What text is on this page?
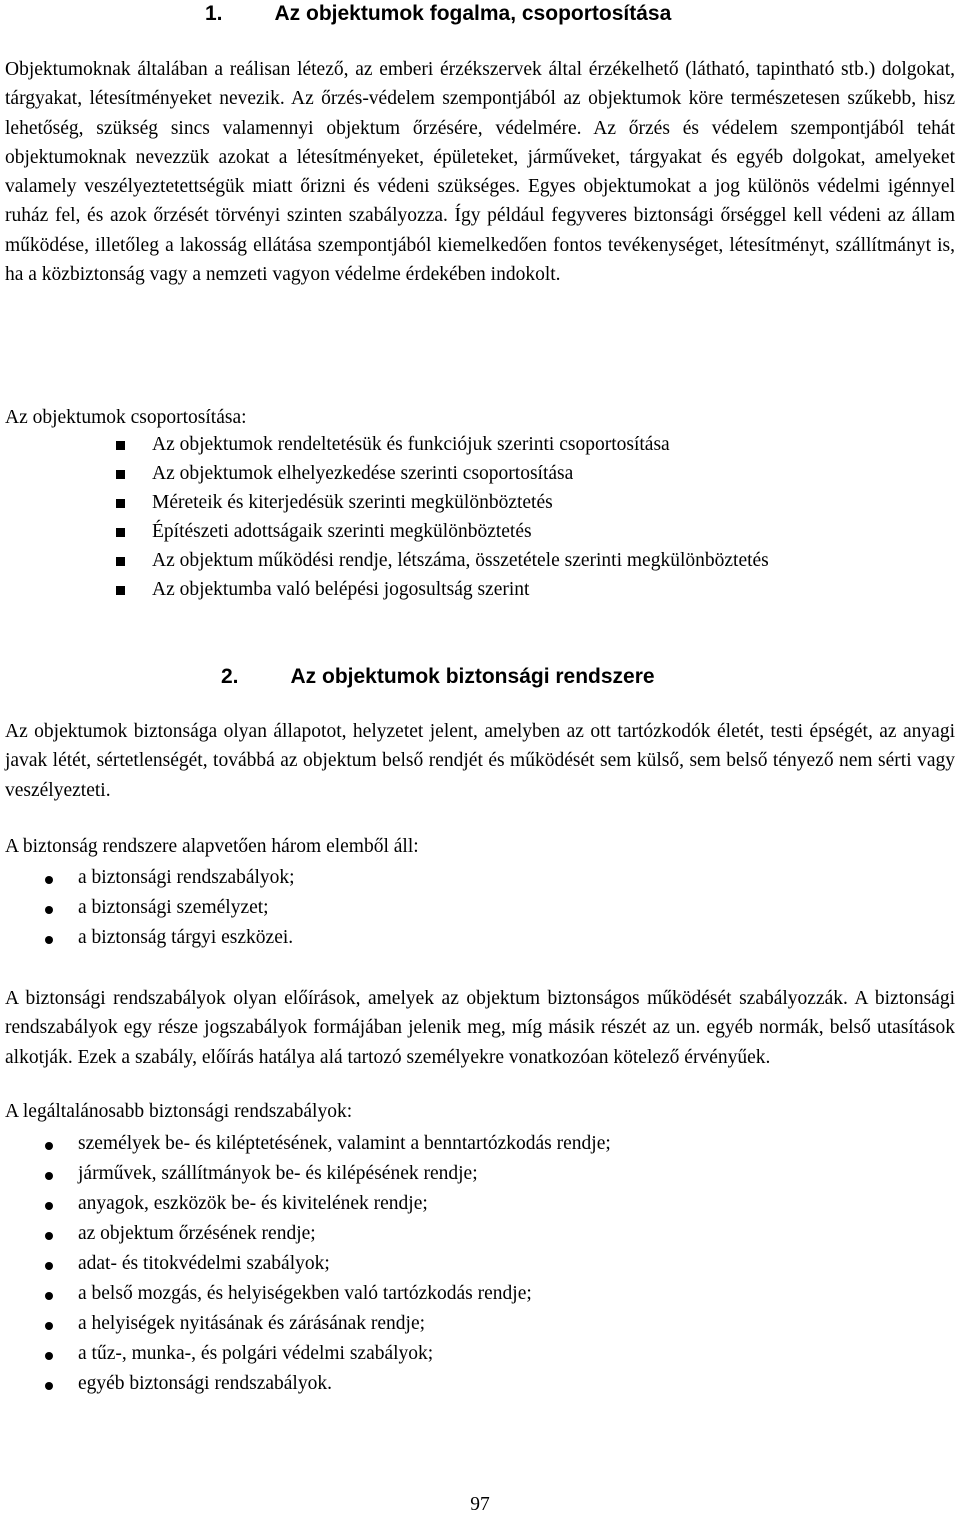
1. Az objektumok fogalma, csoportosítása

Objektumoknak általában a reálisan létező, az emberi érzékszervek által érzékelhető (látható, tapintható stb.) dolgokat, tárgyakat, létesítményeket nevezik. Az őrzés-védelem szempontjából az objektumok köre természetesen szűkebb, hisz lehetőség, szükség sincs valamennyi objektum őrzésére, védelmére. Az őrzés és védelem szempontjából tehát objektumoknak nevezzük azokat a létesítményeket, épületeket, járműveket, tárgyakat és egyéb dolgokat, amelyeket valamely veszélyeztetettségük miatt őrizni és védeni szükséges. Egyes objektumokat a jog különös védelmi igénnyel ruház fel, és azok őrzését törvényi szinten szabályozza. Így például fegyveres biztonsági őrséggel kell védeni az állam működése, illetőleg a lakosság ellátása szempontjából kiemelkedően fontos tevékenységet, létesítményt, szállítmányt is, ha a közbiztonság vagy a nemzeti vagyon védelme érdekében indokolt.

Az objektumok csoportosítása:
Az objektumok rendeltetésük és funkciójuk szerinti csoportosítása
Az objektumok elhelyezkedése szerinti csoportosítása
Méreteik és kiterjedésük szerinti megkülönböztetés
Építészeti adottságaik szerinti megkülönböztetés
Az objektum működési rendje, létszáma, összetétele szerinti megkülönböztetés
Az objektumba való belépési jogosultság szerint
2. Az objektumok biztonsági rendszere

Az objektumok biztonsága olyan állapotot, helyzetet jelent, amelyben az ott tartózkodók életét, testi épségét, az anyagi javak létét, sértetlenségét, továbbá az objektum belső rendjét és működését sem külső, sem belső tényező nem sérti vagy veszélyezteti.

A biztonság rendszere alapvetően három elemből áll:
a biztonsági rendszabályok;
a biztonsági személyzet;
a biztonság tárgyi eszközei.

A biztonsági rendszabályok olyan előírások, amelyek az objektum biztonságos működését szabályozzák. A biztonsági rendszabályok egy része jogszabályok formájában jelenik meg, míg másik részét az un. egyéb normák, belső utasítások alkotják. Ezek a szabály, előírás hatálya alá tartozó személyekre vonatkozóan kötelező érvényűek.

A legáltalánosabb biztonsági rendszabályok:
személyek be- és kiléptetésének, valamint a benntartózkodás rendje;
járművek, szállítmányok be- és kilépésének rendje;
anyagok, eszközök be- és kivitelének rendje;
az objektum őrzésének rendje;
adat- és titokvédelmi szabályok;
a belső mozgás, és helyiségekben való tartózkodás rendje;
a helyiségek nyitásának és zárásának rendje;
a tűz-, munka-, és polgári védelmi szabályok;
egyéb biztonsági rendszabályok.
97
